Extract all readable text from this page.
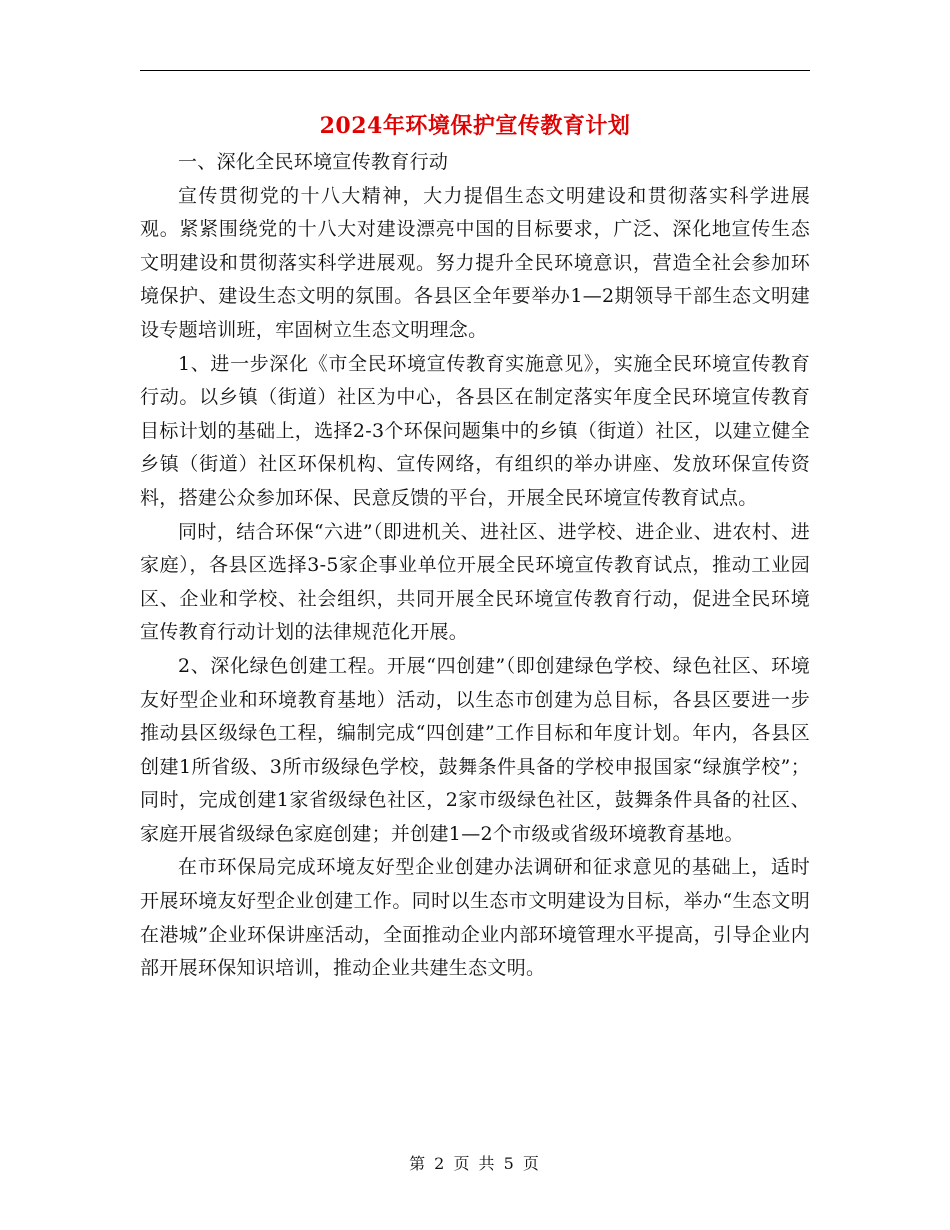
2024年环境保护宣传教育计划

一、深化全民环境宣传教育行动

宣传贯彻党的十八大精神，大力提倡生态文明建设和贯彻落实科学进展观。紧紧围绕党的十八大对建设漂亮中国的目标要求，广泛、深化地宣传生态文明建设和贯彻落实科学进展观。努力提升全民环境意识，营造全社会参加环境保护、建设生态文明的氛围。各县区全年要举办1—2期领导干部生态文明建设专题培训班，牢固树立生态文明理念。

1、进一步深化《市全民环境宣传教育实施意见》，实施全民环境宣传教育行动。以乡镇（街道）社区为中心，各县区在制定落实年度全民环境宣传教育目标计划的基础上，选择2-3个环保问题集中的乡镇（街道）社区，以建立健全乡镇（街道）社区环保机构、宣传网络，有组织的举办讲座、发放环保宣传资料，搭建公众参加环保、民意反馈的平台，开展全民环境宣传教育试点。

同时，结合环保“六进”（即进机关、进社区、进学校、进企业、进农村、进家庭），各县区选择3-5家企事业单位开展全民环境宣传教育试点，推动工业园区、企业和学校、社会组织，共同开展全民环境宣传教育行动，促进全民环境宣传教育行动计划的法律规范化开展。

2、深化绿色创建工程。开展“四创建”（即创建绿色学校、绿色社区、环境友好型企业和环境教育基地）活动，以生态市创建为总目标，各县区要进一步推动县区级绿色工程，编制完成“四创建”工作目标和年度计划。年内，各县区创建1所省级、3所市级绿色学校，鼓舞条件具备的学校申报国家“绿旗学校”；同时，完成创建1家省级绿色社区，2家市级绿色社区，鼓舞条件具备的社区、家庭开展省级绿色家庭创建；并创建1—2个市级或省级环境教育基地。

在市环保局完成环境友好型企业创建办法调研和征求意见的基础上，适时开展环境友好型企业创建工作。同时以生态市文明建设为目标，举办“生态文明在港城”企业环保讲座活动，全面推动企业内部环境管理水平提高，引导企业内部开展环保知识培训，推动企业共建生态文明。

第 2 页 共 5 页
